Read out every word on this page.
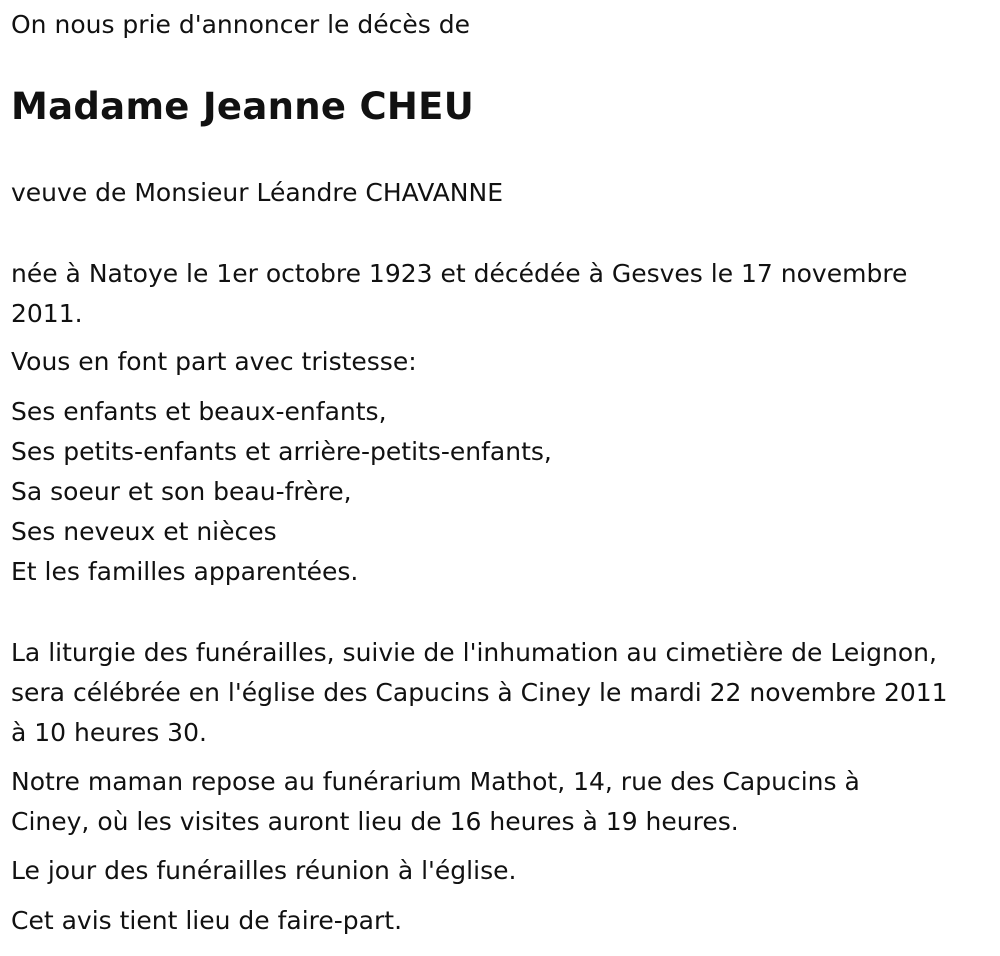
On nous prie d'annoncer le décès de

Madame Jeanne CHEU

veuve de Monsieur Léandre CHAVANNE

née à Natoye le 1er octobre 1923 et décédée à Gesves le 17 novembre

2011.

Vous en font part avec tristesse:

Ses enfants et beaux-enfants,

Ses petits-enfants et arrière-petits-enfants,

Sa soeur et son beau-frère,

Ses neveux et nièces

Et les familles apparentées.

La liturgie des funérailles, suivie de l'inhumation au cimetière de Leignon,

sera célébrée en l'église des Capucins à Ciney le mardi 22 novembre 2011

à 10 heures 30.

Notre maman repose au funérarium Mathot, 14, rue des Capucins à

Ciney, où les visites auront lieu de 16 heures à 19 heures.

Le jour des funérailles réunion à l'église.

Cet avis tient lieu de faire-part.
